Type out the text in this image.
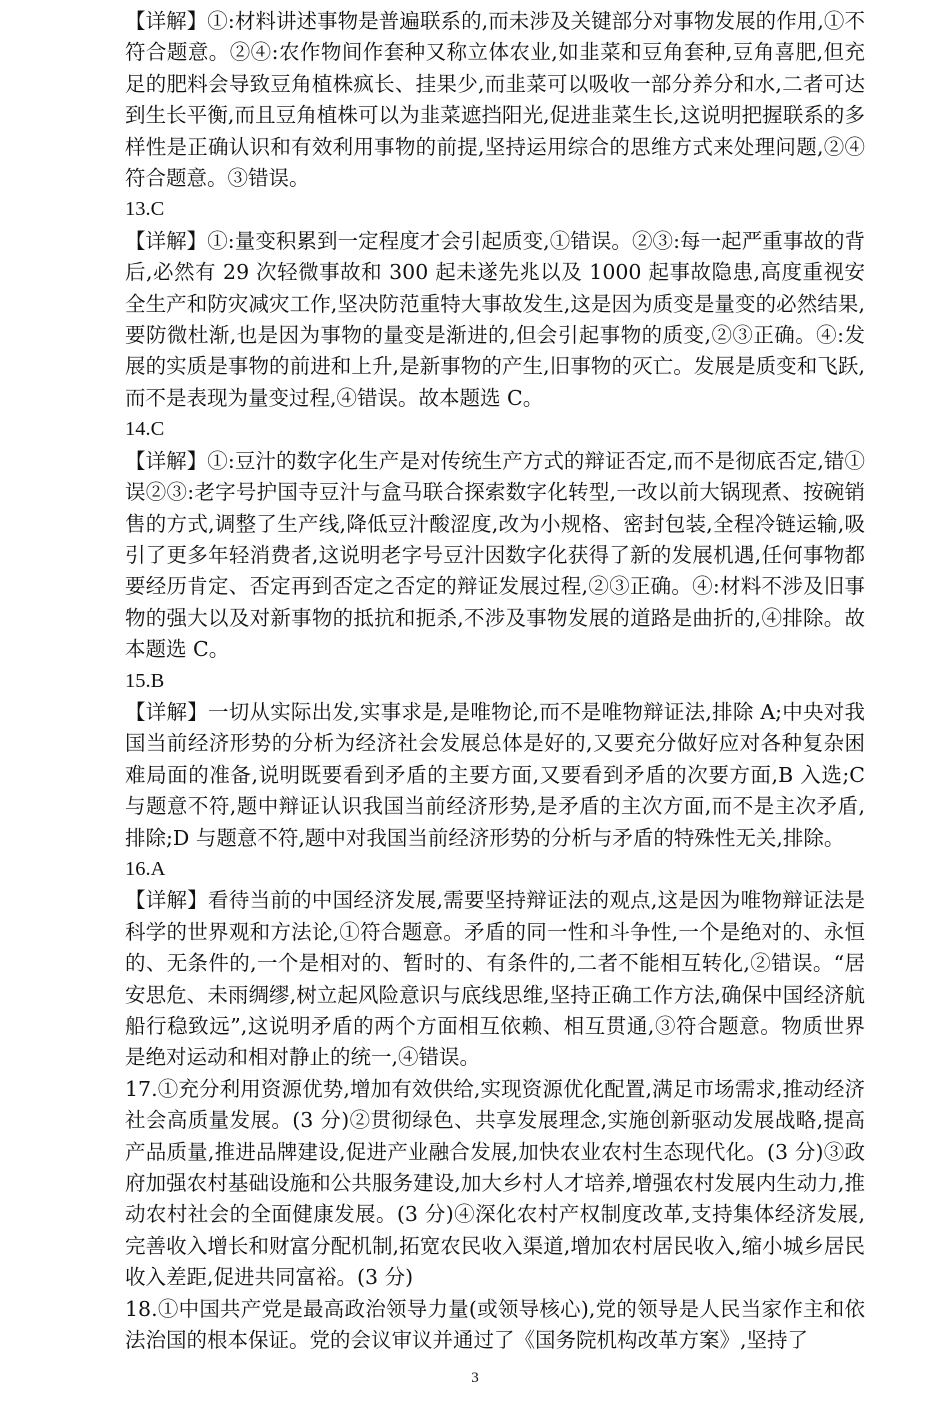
【详解】①:材料讲述事物是普遍联系的,而未涉及关键部分对事物发展的作用,①不符合题意。②④:农作物间作套种又称立体农业,如韭菜和豆角套种,豆角喜肥,但充足的肥料会导致豆角植株疯长、挂果少,而韭菜可以吸收一部分养分和水,二者可达到生长平衡,而且豆角植株可以为韭菜遮挡阳光,促进韭菜生长,这说明把握联系的多样性是正确认识和有效利用事物的前提,坚持运用综合的思维方式来处理问题,②④符合题意。③错误。

13.C

【详解】①:量变积累到一定程度才会引起质变,①错误。②③:每一起严重事故的背后,必然有 29 次轻微事故和 300 起未遂先兆以及 1000 起事故隐患,高度重视安全生产和防灾减灾工作,坚决防范重特大事故发生,这是因为质变是量变的必然结果,要防微杜渐,也是因为事物的量变是渐进的,但会引起事物的质变,②③正确。④:发展的实质是事物的前进和上升,是新事物的产生,旧事物的灭亡。发展是质变和飞跃,而不是表现为量变过程,④错误。故本题选 C。

14.C

【详解】①:豆汁的数字化生产是对传统生产方式的辩证否定,而不是彻底否定,错①误②③:老字号护国寺豆汁与盒马联合探索数字化转型,一改以前大锅现煮、按碗销售的方式,调整了生产线,降低豆汁酸涩度,改为小规格、密封包装,全程冷链运输,吸引了更多年轻消费者,这说明老字号豆汁因数字化获得了新的发展机遇,任何事物都要经历肯定、否定再到否定之否定的辩证发展过程,②③正确。④:材料不涉及旧事物的强大以及对新事物的抵抗和扼杀,不涉及事物发展的道路是曲折的,④排除。故本题选 C。

15.B

【详解】一切从实际出发,实事求是,是唯物论,而不是唯物辩证法,排除 A;中央对我国当前经济形势的分析为经济社会发展总体是好的,又要充分做好应对各种复杂困难局面的准备,说明既要看到矛盾的主要方面,又要看到矛盾的次要方面,B 入选;C 与题意不符,题中辩证认识我国当前经济形势,是矛盾的主次方面,而不是主次矛盾,排除;D 与题意不符,题中对我国当前经济形势的分析与矛盾的特殊性无关,排除。

16.A

【详解】看待当前的中国经济发展,需要坚持辩证法的观点,这是因为唯物辩证法是科学的世界观和方法论,①符合题意。矛盾的同一性和斗争性,一个是绝对的、永恒的、无条件的,一个是相对的、暂时的、有条件的,二者不能相互转化,②错误。“居安思危、未雨绸缪,树立起风险意识与底线思维,坚持正确工作方法,确保中国经济航船行稳致远”,这说明矛盾的两个方面相互依赖、相互贯通,③符合题意。物质世界是绝对运动和相对静止的统一,④错误。

17.①充分利用资源优势,增加有效供给,实现资源优化配置,满足市场需求,推动经济社会高质量发展。(3 分)②贯彻绿色、共享发展理念,实施创新驱动发展战略,提高产品质量,推进品牌建设,促进产业融合发展,加快农业农村生态现代化。(3 分)③政府加强农村基础设施和公共服务建设,加大乡村人才培养,增强农村发展内生动力,推动农村社会的全面健康发展。(3 分)④深化农村产权制度改革,支持集体经济发展,完善收入增长和财富分配机制,拓宽农民收入渠道,增加农村居民收入,缩小城乡居民收入差距,促进共同富裕。(3 分)

18.①中国共产党是最高政治领导力量(或领导核心),党的领导是人民当家作主和依法治国的根本保证。党的会议审议并通过了《国务院机构改革方案》,坚持了

3
